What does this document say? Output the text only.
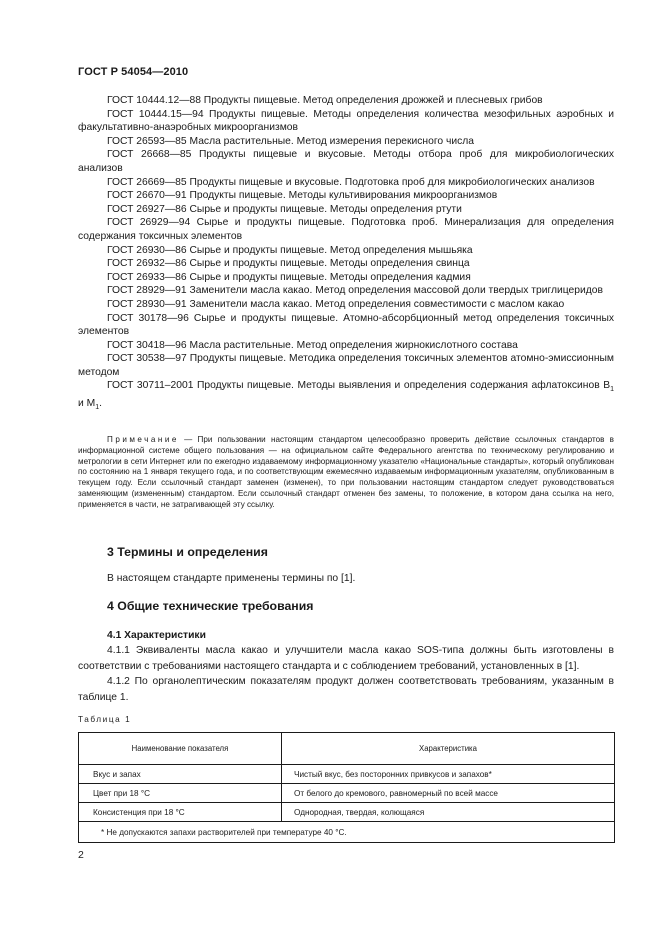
ГОСТ Р 54054—2010
ГОСТ 10444.12—88 Продукты пищевые. Метод определения дрожжей и плесневых грибов
ГОСТ 10444.15—94 Продукты пищевые. Методы определения количества мезофильных аэробных и факультативно-анаэробных микроорганизмов
ГОСТ 26593—85 Масла растительные. Метод измерения перекисного числа
ГОСТ 26668—85 Продукты пищевые и вкусовые. Методы отбора проб для микробиологических анализов
ГОСТ 26669—85 Продукты пищевые и вкусовые. Подготовка проб для микробиологических анализов
ГОСТ 26670—91 Продукты пищевые. Методы культивирования микроорганизмов
ГОСТ 26927—86 Сырье и продукты пищевые. Методы определения ртути
ГОСТ 26929—94 Сырье и продукты пищевые. Подготовка проб. Минерализация для определения содержания токсичных элементов
ГОСТ 26930—86 Сырье и продукты пищевые. Метод определения мышьяка
ГОСТ 26932—86 Сырье и продукты пищевые. Методы определения свинца
ГОСТ 26933—86 Сырье и продукты пищевые. Методы определения кадмия
ГОСТ 28929—91 Заменители масла какао. Метод определения массовой доли твердых триглицеридов
ГОСТ 28930—91 Заменители масла какао. Метод определения совместимости с маслом какао
ГОСТ 30178—96 Сырье и продукты пищевые. Атомно-абсорбционный метод определения токсичных элементов
ГОСТ 30418—96 Масла растительные. Метод определения жирнокислотного состава
ГОСТ 30538—97 Продукты пищевые. Методика определения токсичных элементов атомно-эмиссионным методом
ГОСТ 30711–2001 Продукты пищевые. Методы выявления и определения содержания афлатоксинов $B_1$ и $M_1$.
Примечание — При пользовании настоящим стандартом целесообразно проверить действие ссылочных стандартов в информационной системе общего пользования — на официальном сайте Федерального агентства по техническому регулированию и метрологии в сети Интернет или по ежегодно издаваемому информационному указателю «Национальные стандарты», который опубликован по состоянию на 1 января текущего года, и по соответствующим ежемесячно издаваемым информационным указателям, опубликованным в текущем году. Если ссылочный стандарт заменен (изменен), то при пользовании настоящим стандартом следует руководствоваться заменяющим (измененным) стандартом. Если ссылочный стандарт отменен без замены, то положение, в котором дана ссылка на него, применяется в части, не затрагивающей эту ссылку.
3 Термины и определения
В настоящем стандарте применены термины по [1].
4 Общие технические требования
4.1 Характеристики
4.1.1 Эквиваленты масла какао и улучшители масла какао SOS-типа должны быть изготовлены в соответствии с требованиями настоящего стандарта и с соблюдением требований, установленных в [1].
4.1.2 По органолептическим показателям продукт должен соответствовать требованиям, указанным в таблице 1.
Таблица 1
Наименование показателя	Характеристика
Вкус и запах	Чистый вкус, без посторонних привкусов и запахов*
Цвет при 18 °С	От белого до кремового, равномерный по всей массе
Консистенция при 18 °С	Однородная, твердая, колющаяся
* Не допускаются запахи растворителей при температуре 40 °С.	
2
